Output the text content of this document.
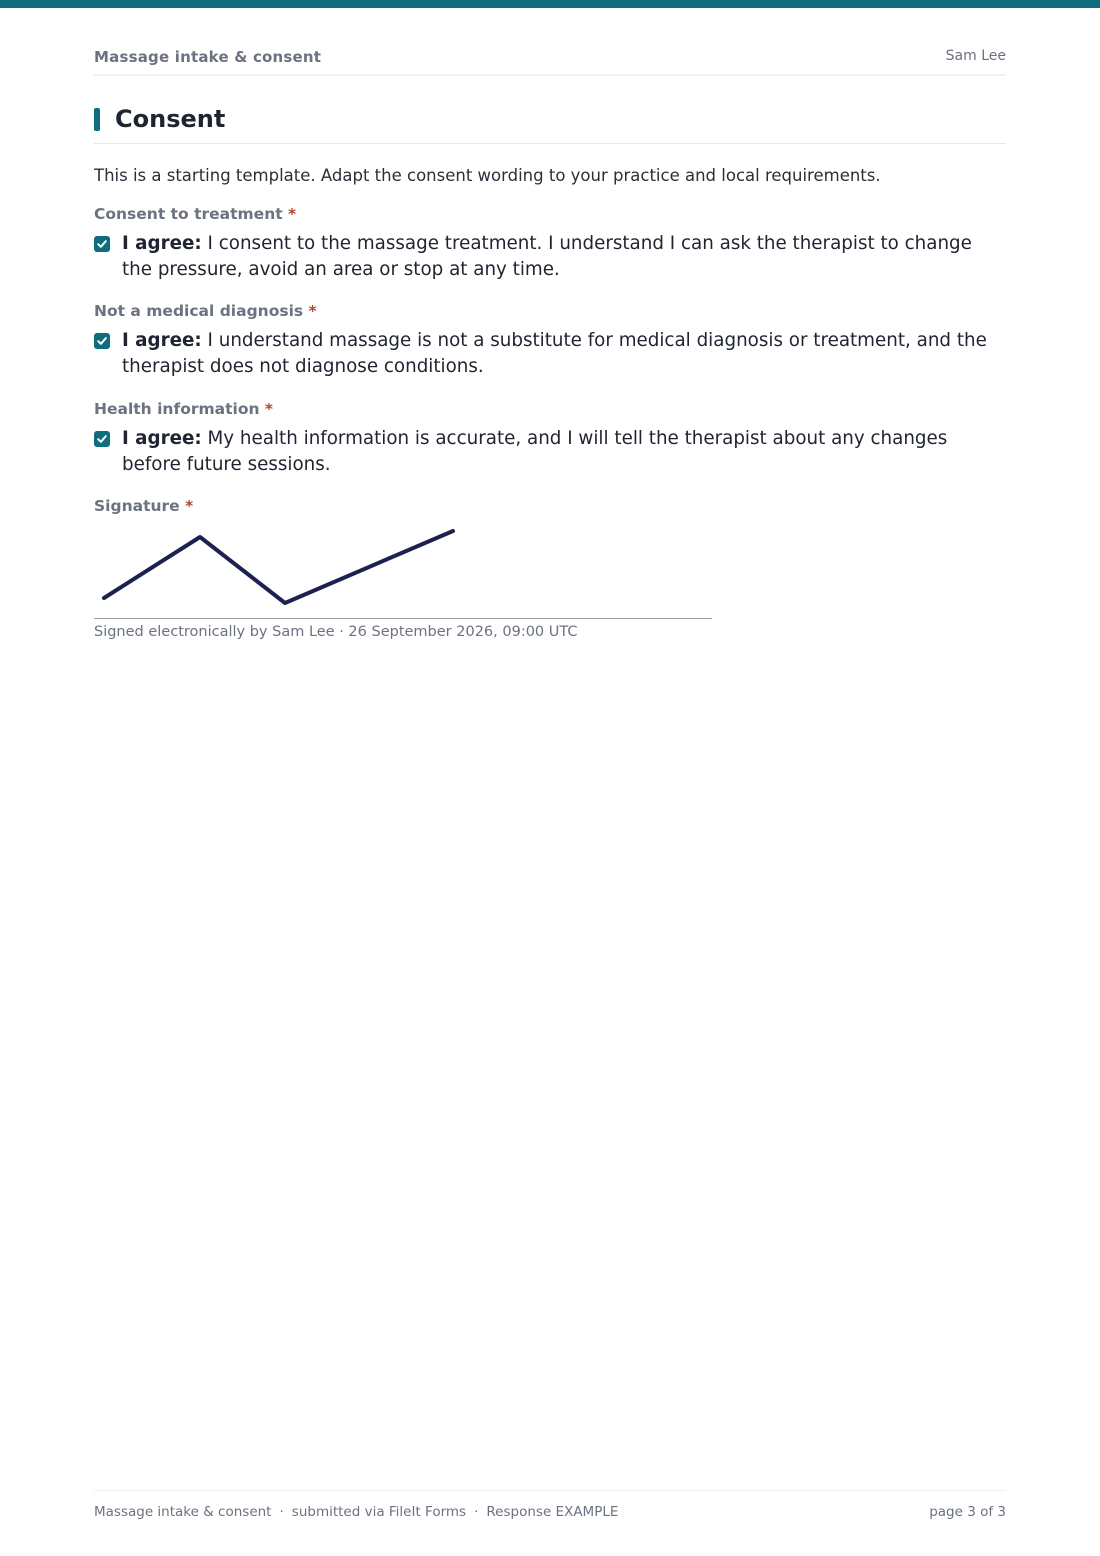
Massage intake & consent	Sam Lee
Consent
This is a starting template. Adapt the consent wording to your practice and local requirements.
Consent to treatment *
I agree: I consent to the massage treatment. I understand I can ask the therapist to change the pressure, avoid an area or stop at any time.
Not a medical diagnosis *
I agree: I understand massage is not a substitute for medical diagnosis or treatment, and the therapist does not diagnose conditions.
Health information *
I agree: My health information is accurate, and I will tell the therapist about any changes before future sessions.
Signature *
Signed electronically by Sam Lee · 26 September 2026, 09:00 UTC
Massage intake & consent · submitted via FileIt Forms · Response EXAMPLE	page 3 of 3
